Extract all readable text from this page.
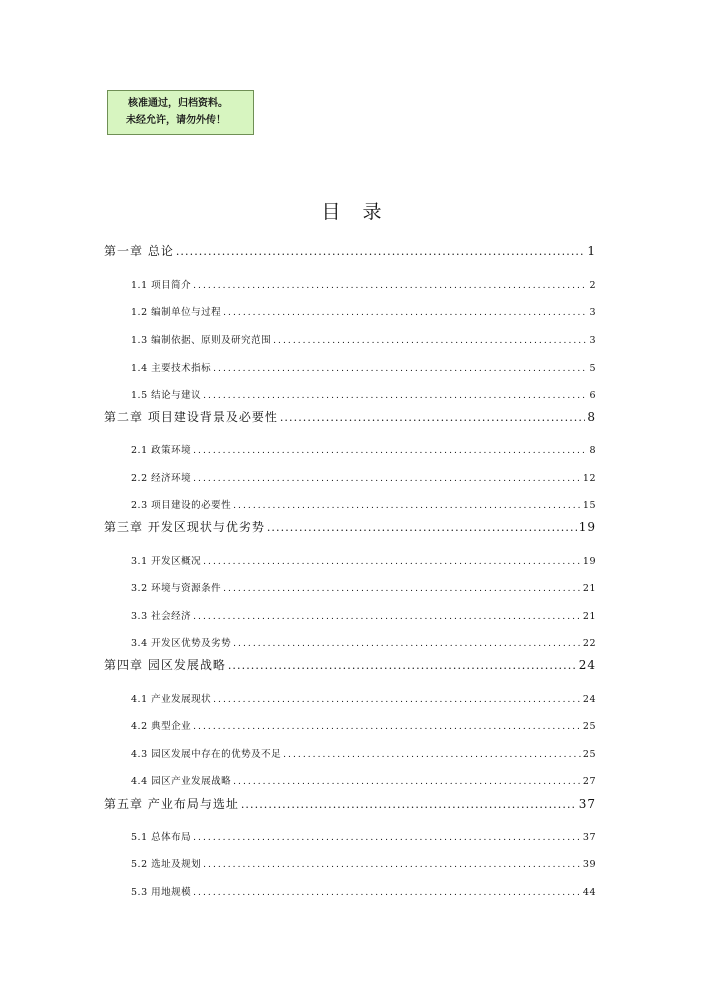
核准通过，归档资料。
未经允许，请勿外传！
目 录
第一章 总论 . . .	1
1.1 项目简介 . . .	2
1.2 编制单位与过程 . . .	3
1.3 编制依据、原则及研究范围 . . .	3
1.4 主要技术指标 . . .	5
1.5 结论与建议 . . .	6
第二章 项目建设背景及必要性 . . .	8
2.1 政策环境 . . .	8
2.2 经济环境 . . .	12
2.3 项目建设的必要性 . . .	15
第三章 开发区现状与优劣势 . . .	19
3.1 开发区概况 . . .	19
3.2 环境与资源条件 . . .	21
3.3 社会经济 . . .	21
3.4 开发区优势及劣势 . . .	22
第四章 园区发展战略 . . .	24
4.1 产业发展现状 . . .	24
4.2 典型企业 . . .	25
4.3 园区发展中存在的优势及不足 . . .	25
4.4 园区产业发展战略 . . .	27
第五章 产业布局与选址 . . .	37
5.1 总体布局 . . .	37
5.2 选址及规划 . . .	39
5.3 用地规模 . . .	44
